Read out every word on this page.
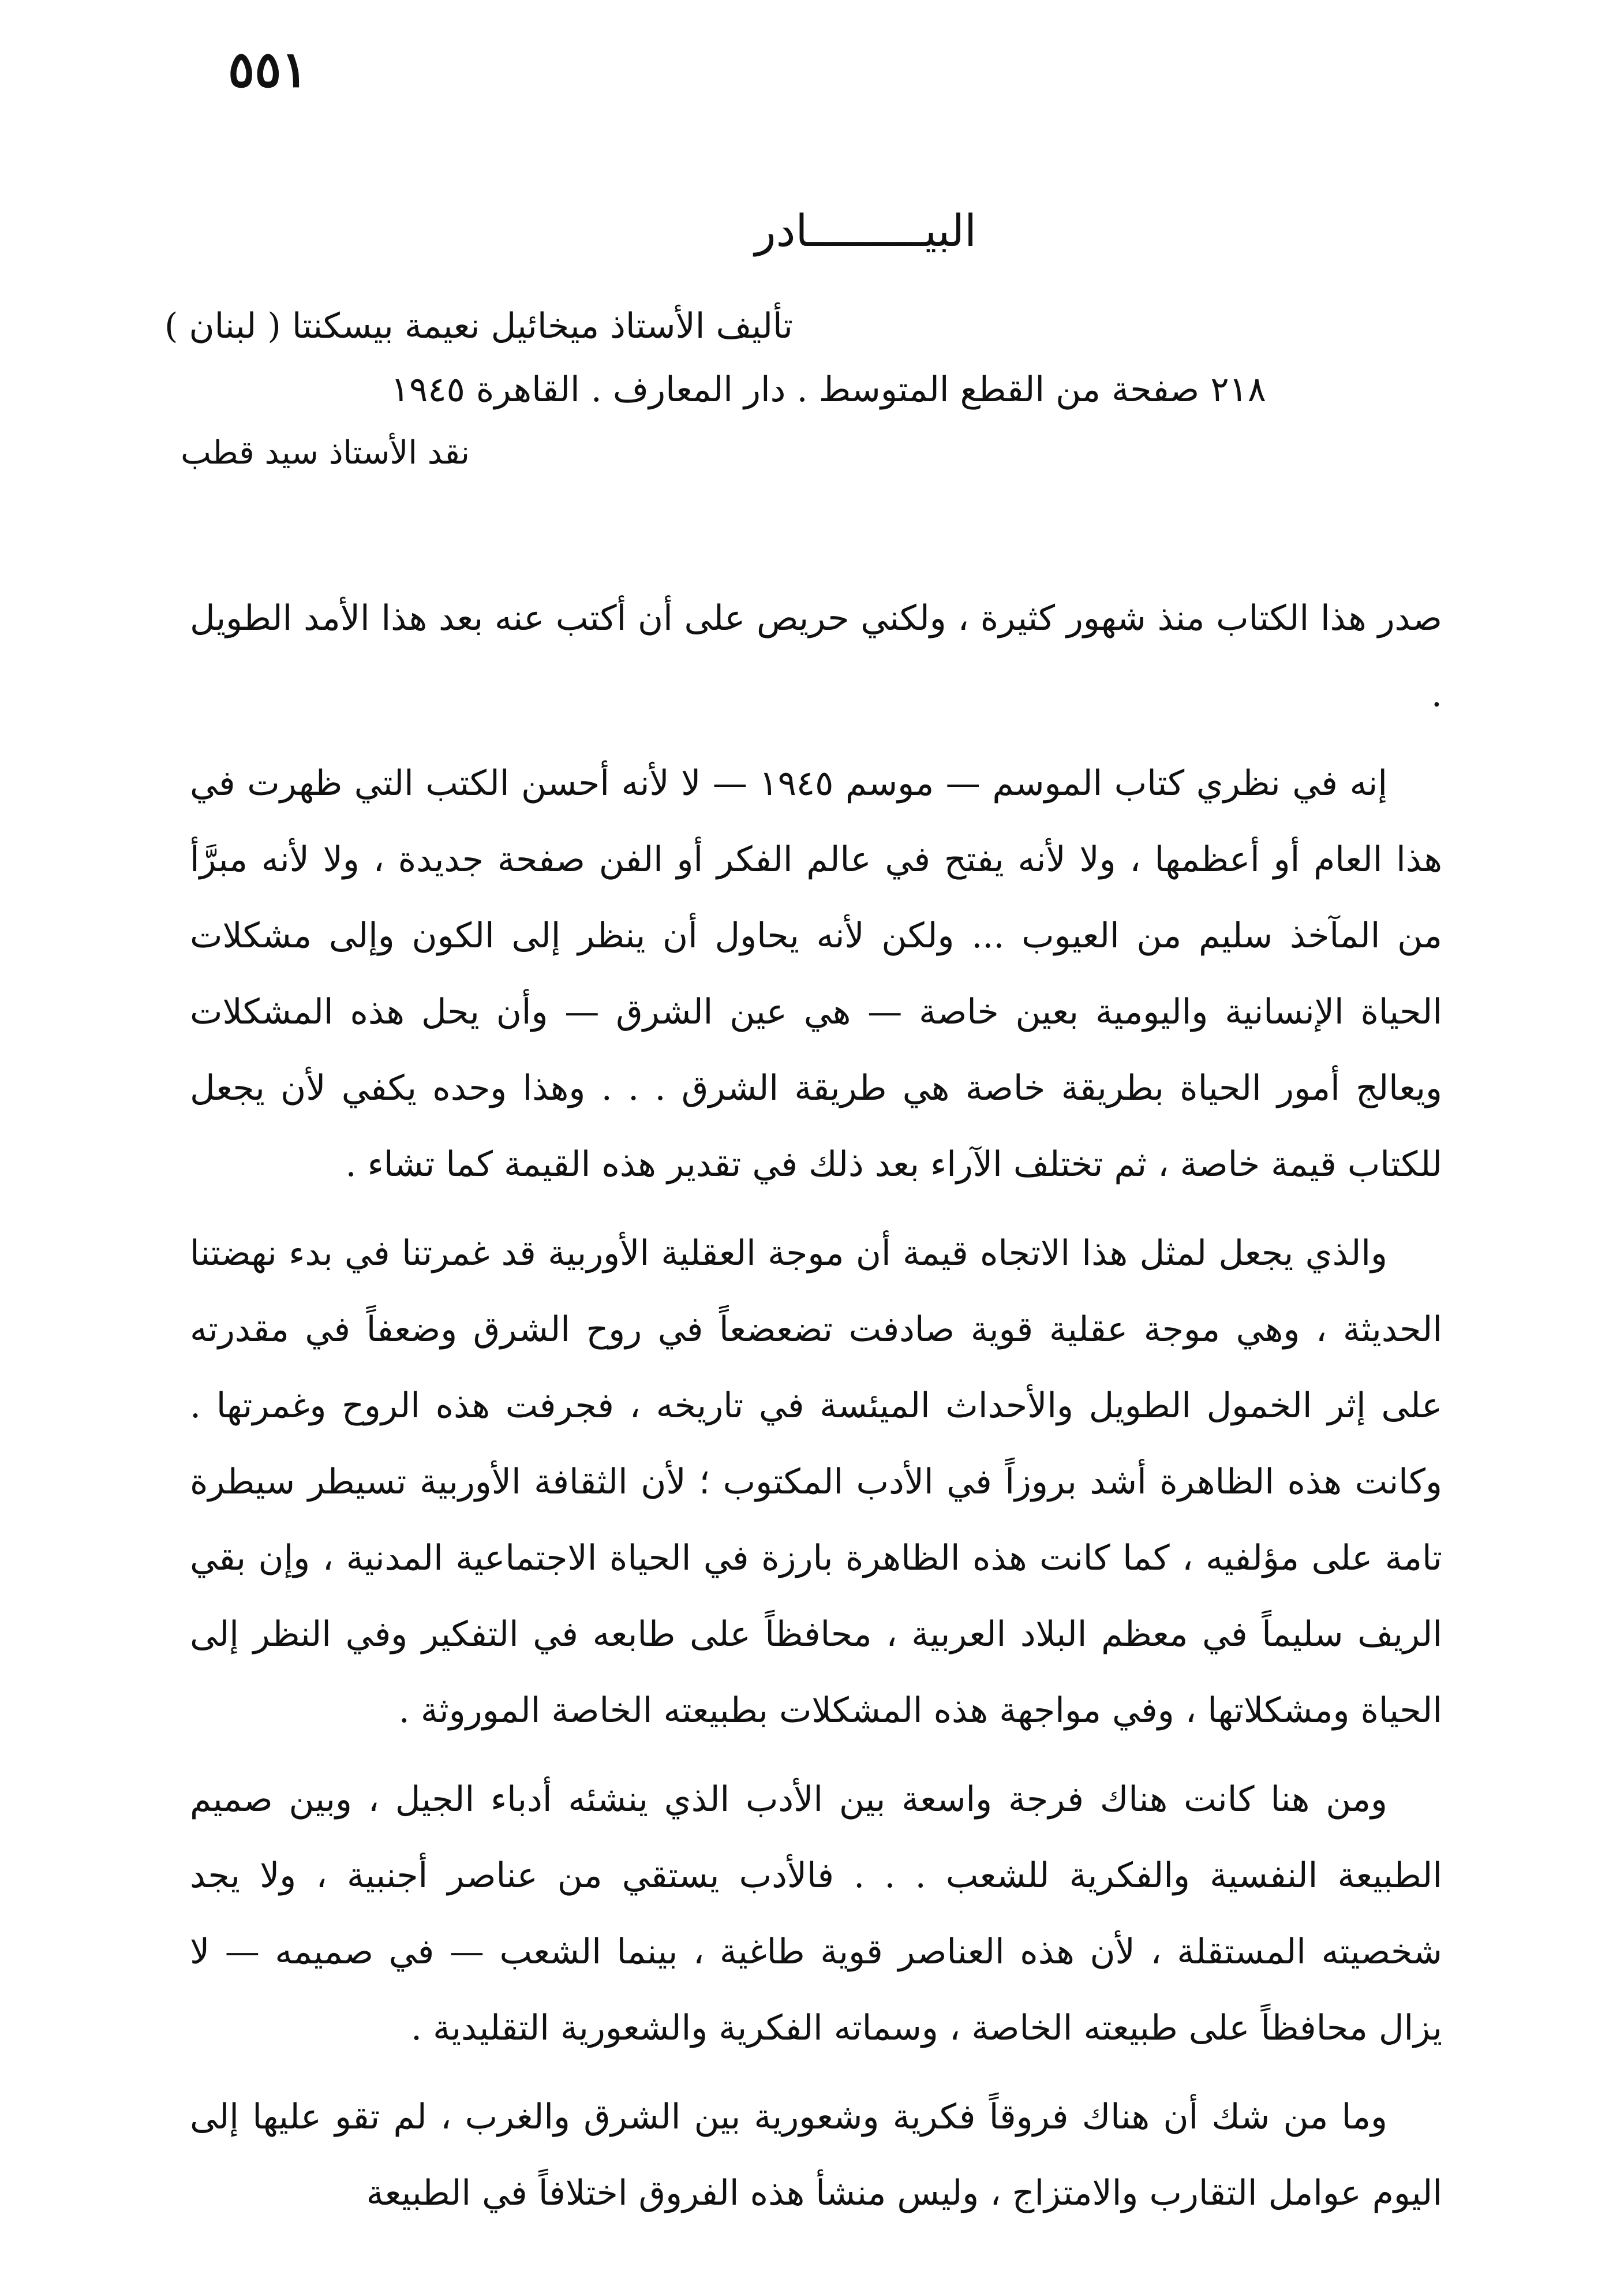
٥٥١
البيـــــــــادر
تأليف الأستاذ ميخائيل نعيمة بيسكنتا ( لبنان )
٢١٨ صفحة من القطع المتوسط . دار المعارف . القاهرة ١٩٤٥
نقد الأستاذ سيد قطب

صدر هذا الكتاب منذ شهور كثيرة ، ولكني حريص على أن أكتب عنه بعد هذا الأمد الطويل .

إنه في نظري كتاب الموسم — موسم ١٩٤٥ — لا لأنه أحسن الكتب التي ظهرت في هذا العام أو أعظمها ، ولا لأنه يفتح في عالم الفكر أو الفن صفحة جديدة ، ولا لأنه مبرَّأ من المآخذ سليم من العيوب ... ولكن لأنه يحاول أن ينظر إلى الكون وإلى مشكلات الحياة الإنسانية واليومية بعين خاصة — هي عين الشرق — وأن يحل هذه المشكلات ويعالج أمور الحياة بطريقة خاصة هي طريقة الشرق . . . وهذا وحده يكفي لأن يجعل للكتاب قيمة خاصة ، ثم تختلف الآراء بعد ذلك في تقدير هذه القيمة كما تشاء .

والذي يجعل لمثل هذا الاتجاه قيمة أن موجة العقلية الأوربية قد غمرتنا في بدء نهضتنا الحديثة ، وهي موجة عقلية قوية صادفت تضعضعاً في روح الشرق وضعفاً في مقدرته على إثر الخمول الطويل والأحداث الميئسة في تاريخه ، فجرفت هذه الروح وغمرتها . وكانت هذه الظاهرة أشد بروزاً في الأدب المكتوب ؛ لأن الثقافة الأوربية تسيطر سيطرة تامة على مؤلفيه ، كما كانت هذه الظاهرة بارزة في الحياة الاجتماعية المدنية ، وإن بقي الريف سليماً في معظم البلاد العربية ، محافظاً على طابعه في التفكير وفي النظر إلى الحياة ومشكلاتها ، وفي مواجهة هذه المشكلات بطبيعته الخاصة الموروثة .

ومن هنا كانت هناك فرجة واسعة بين الأدب الذي ينشئه أدباء الجيل ، وبين صميم الطبيعة النفسية والفكرية للشعب . . . فالأدب يستقي من عناصر أجنبية ، ولا يجد شخصيته المستقلة ، لأن هذه العناصر قوية طاغية ، بينما الشعب — في صميمه — لا يزال محافظاً على طبيعته الخاصة ، وسماته الفكرية والشعورية التقليدية .

وما من شك أن هناك فروقاً فكرية وشعورية بين الشرق والغرب ، لم تقو عليها إلى اليوم عوامل التقارب والامتزاج ، وليس منشأ هذه الفروق اختلافاً في الطبيعة
